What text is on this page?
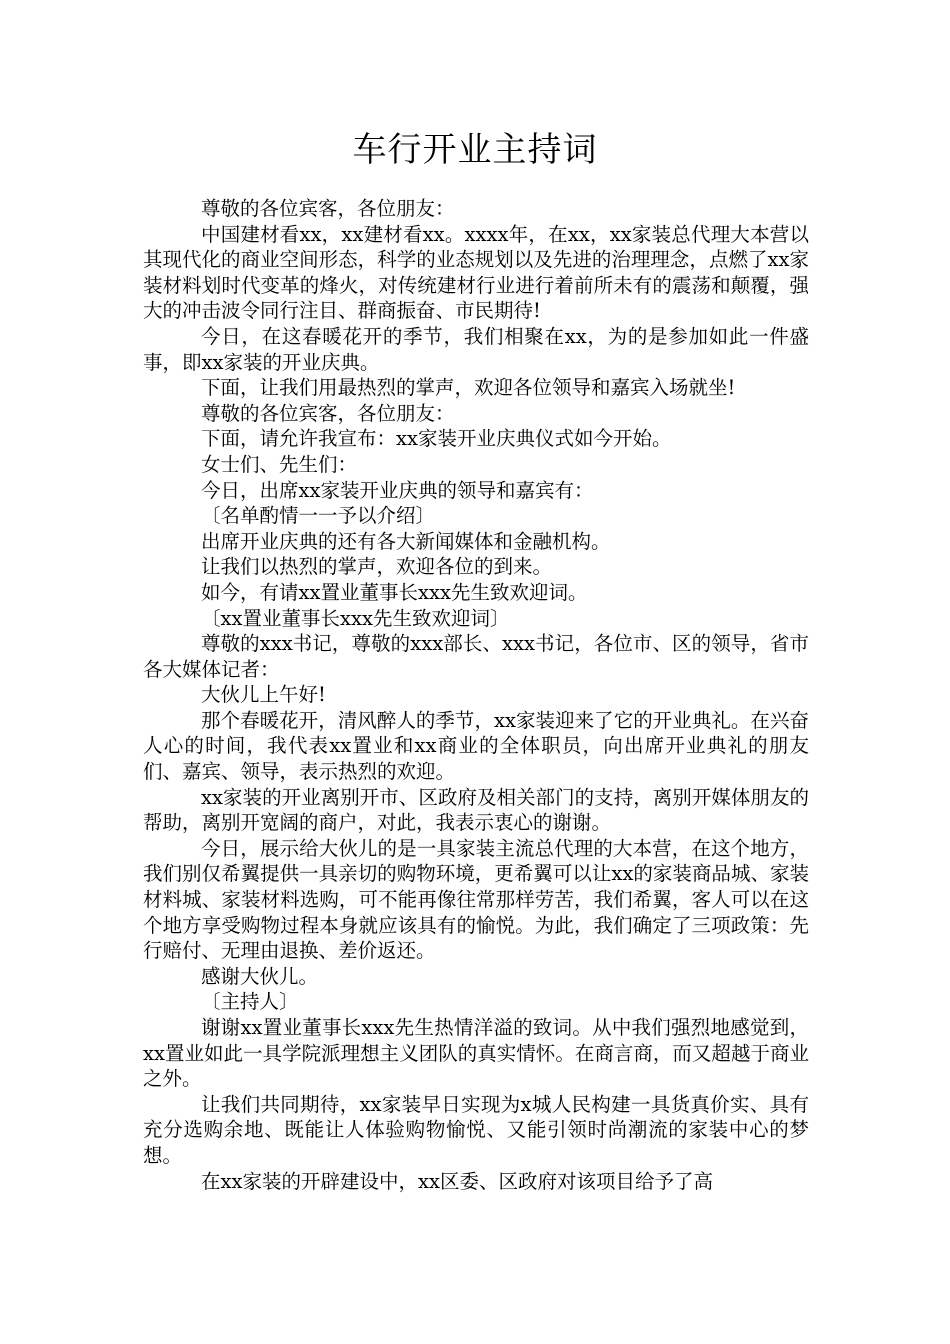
车行开业主持词

尊敬的各位宾客，各位朋友：

中国建材看xx，xx建材看xx。xxxx年，在xx，xx家装总代理大本营以其现代化的商业空间形态，科学的业态规划以及先进的治理理念，点燃了xx家装材料划时代变革的烽火，对传统建材行业进行着前所未有的震荡和颠覆，强大的冲击波令同行注目、群商振奋、市民期待!

今日，在这春暖花开的季节，我们相聚在xx，为的是参加如此一件盛事，即xx家装的开业庆典。

下面，让我们用最热烈的掌声，欢迎各位领导和嘉宾入场就坐!

尊敬的各位宾客，各位朋友：

下面，请允许我宣布：xx家装开业庆典仪式如今开始。

女士们、先生们：

今日，出席xx家装开业庆典的领导和嘉宾有：

〔名单酌情一一予以介绍〕

出席开业庆典的还有各大新闻媒体和金融机构。

让我们以热烈的掌声，欢迎各位的到来。

如今，有请xx置业董事长xxx先生致欢迎词。

〔xx置业董事长xxx先生致欢迎词〕

尊敬的xxx书记，尊敬的xxx部长、xxx书记，各位市、区的领导，省市各大媒体记者：

大伙儿上午好!

那个春暖花开，清风醉人的季节，xx家装迎来了它的开业典礼。在兴奋人心的时间，我代表xx置业和xx商业的全体职员，向出席开业典礼的朋友们、嘉宾、领导，表示热烈的欢迎。

xx家装的开业离别开市、区政府及相关部门的支持，离别开媒体朋友的帮助，离别开宽阔的商户，对此，我表示衷心的谢谢。

今日，展示给大伙儿的是一具家装主流总代理的大本营，在这个地方，我们别仅希翼提供一具亲切的购物环境，更希翼可以让xx的家装商品城、家装材料城、家装材料选购，可不能再像往常那样劳苦，我们希翼，客人可以在这个地方享受购物过程本身就应该具有的愉悦。为此，我们确定了三项政策：先行赔付、无理由退换、差价返还。

感谢大伙儿。

〔主持人〕

谢谢xx置业董事长xxx先生热情洋溢的致词。从中我们强烈地感觉到，xx置业如此一具学院派理想主义团队的真实情怀。在商言商，而又超越于商业之外。

让我们共同期待，xx家装早日实现为x城人民构建一具货真价实、具有充分选购余地、既能让人体验购物愉悦、又能引领时尚潮流的家装中心的梦想。

在xx家装的开辟建设中，xx区委、区政府对该项目给予了高
